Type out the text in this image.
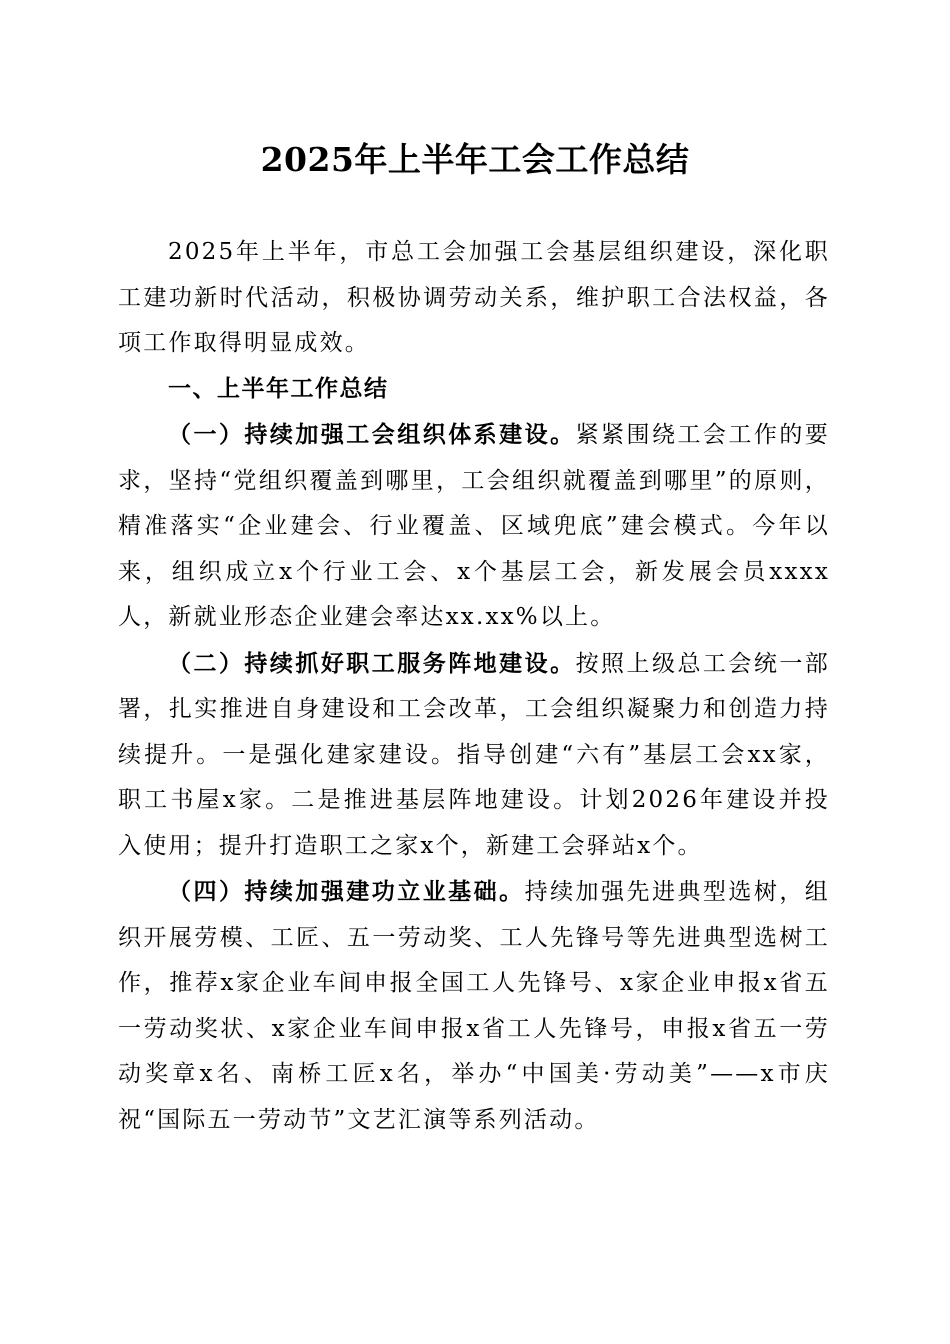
2025年上半年工会工作总结

2025年上半年，市总工会加强工会基层组织建设，深化职工建功新时代活动，积极协调劳动关系，维护职工合法权益，各项工作取得明显成效。

一、上半年工作总结

（一）持续加强工会组织体系建设。紧紧围绕工会工作的要求，坚持“党组织覆盖到哪里，工会组织就覆盖到哪里”的原则，精准落实“企业建会、行业覆盖、区域兜底”建会模式。今年以来，组织成立x个行业工会、x个基层工会，新发展会员xxxx人，新就业形态企业建会率达xx.xx%以上。

（二）持续抓好职工服务阵地建设。按照上级总工会统一部署，扎实推进自身建设和工会改革，工会组织凝聚力和创造力持续提升。一是强化建家建设。指导创建“六有”基层工会xx家，职工书屋x家。二是推进基层阵地建设。计划2026年建设并投入使用；提升打造职工之家x个，新建工会驿站x个。

（四）持续加强建功立业基础。持续加强先进典型选树，组织开展劳模、工匠、五一劳动奖、工人先锋号等先进典型选树工作，推荐x家企业车间申报全国工人先锋号、x家企业申报x省五一劳动奖状、x家企业车间申报x省工人先锋号，申报x省五一劳动奖章x名、南桥工匠x名，举办“中国美·劳动美”——x市庆祝“国际五一劳动节”文艺汇演等系列活动。
